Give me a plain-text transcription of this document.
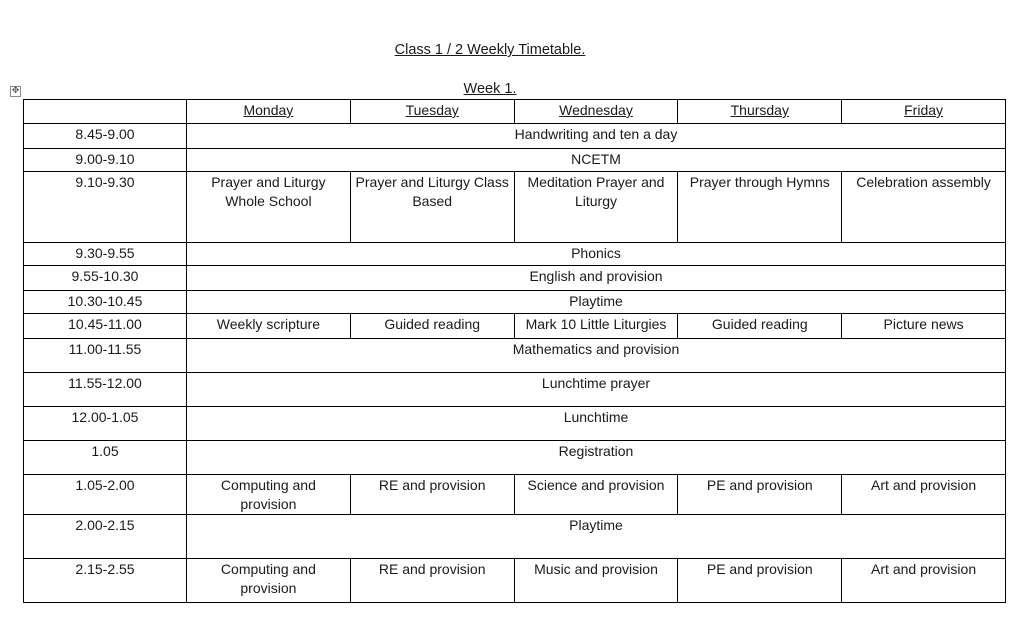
Class 1 / 2 Weekly Timetable.
Week 1.
✥
	Monday	Tuesday	Wednesday	Thursday	Friday
8.45-9.00	Handwriting and ten a day				
9.00-9.10	NCETM				
9.10-9.30	Prayer and Liturgy Whole School	Prayer and Liturgy Class Based	Meditation Prayer and Liturgy	Prayer through Hymns	Celebration assembly
9.30-9.55	Phonics				
9.55-10.30	English and provision				
10.30-10.45	Playtime				
10.45-11.00	Weekly scripture	Guided reading	Mark 10 Little Liturgies	Guided reading	Picture news
11.00-11.55	Mathematics and provision				
11.55-12.00	Lunchtime prayer				
12.00-1.05	Lunchtime				
1.05	Registration				
1.05-2.00	Computing and provision	RE and provision	Science and provision	PE and provision	Art and provision
2.00-2.15	Playtime				
2.15-2.55	Computing and provision	RE and provision	Music and provision	PE and provision	Art and provision
